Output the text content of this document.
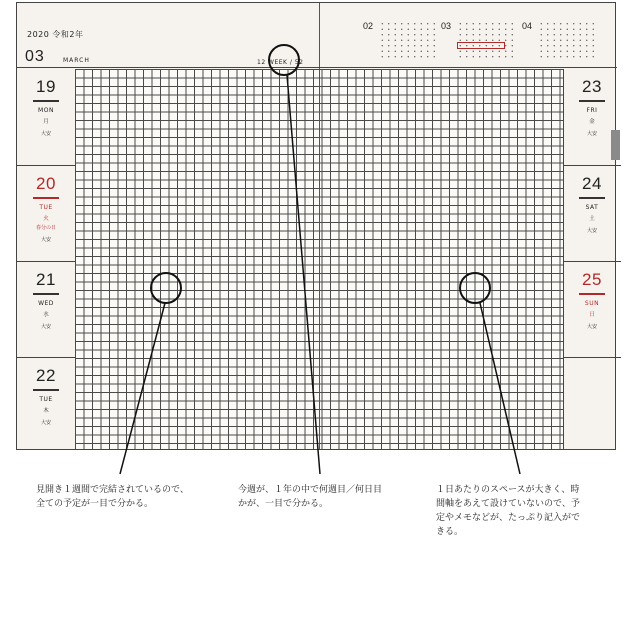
2020 令和2年
03	MARCH	12 WEEK / 52
02	03	04
19
MON
月
大安
20
TUE
火
春分の日
大安
21
WED
水
大安
22
TUE
木
大安
23
FRI
金
大安
24
SAT
土
大安
25
SUN
日
大安
見開き１週間で完結されているので、
全ての予定が一目で分かる。
今週が、１年の中で何週目／何日目
かが、一目で分かる。
１日あたりのスペースが大きく、時
間軸をあえて設けていないので、予
定やメモなどが、たっぷり記入がで
きる。
